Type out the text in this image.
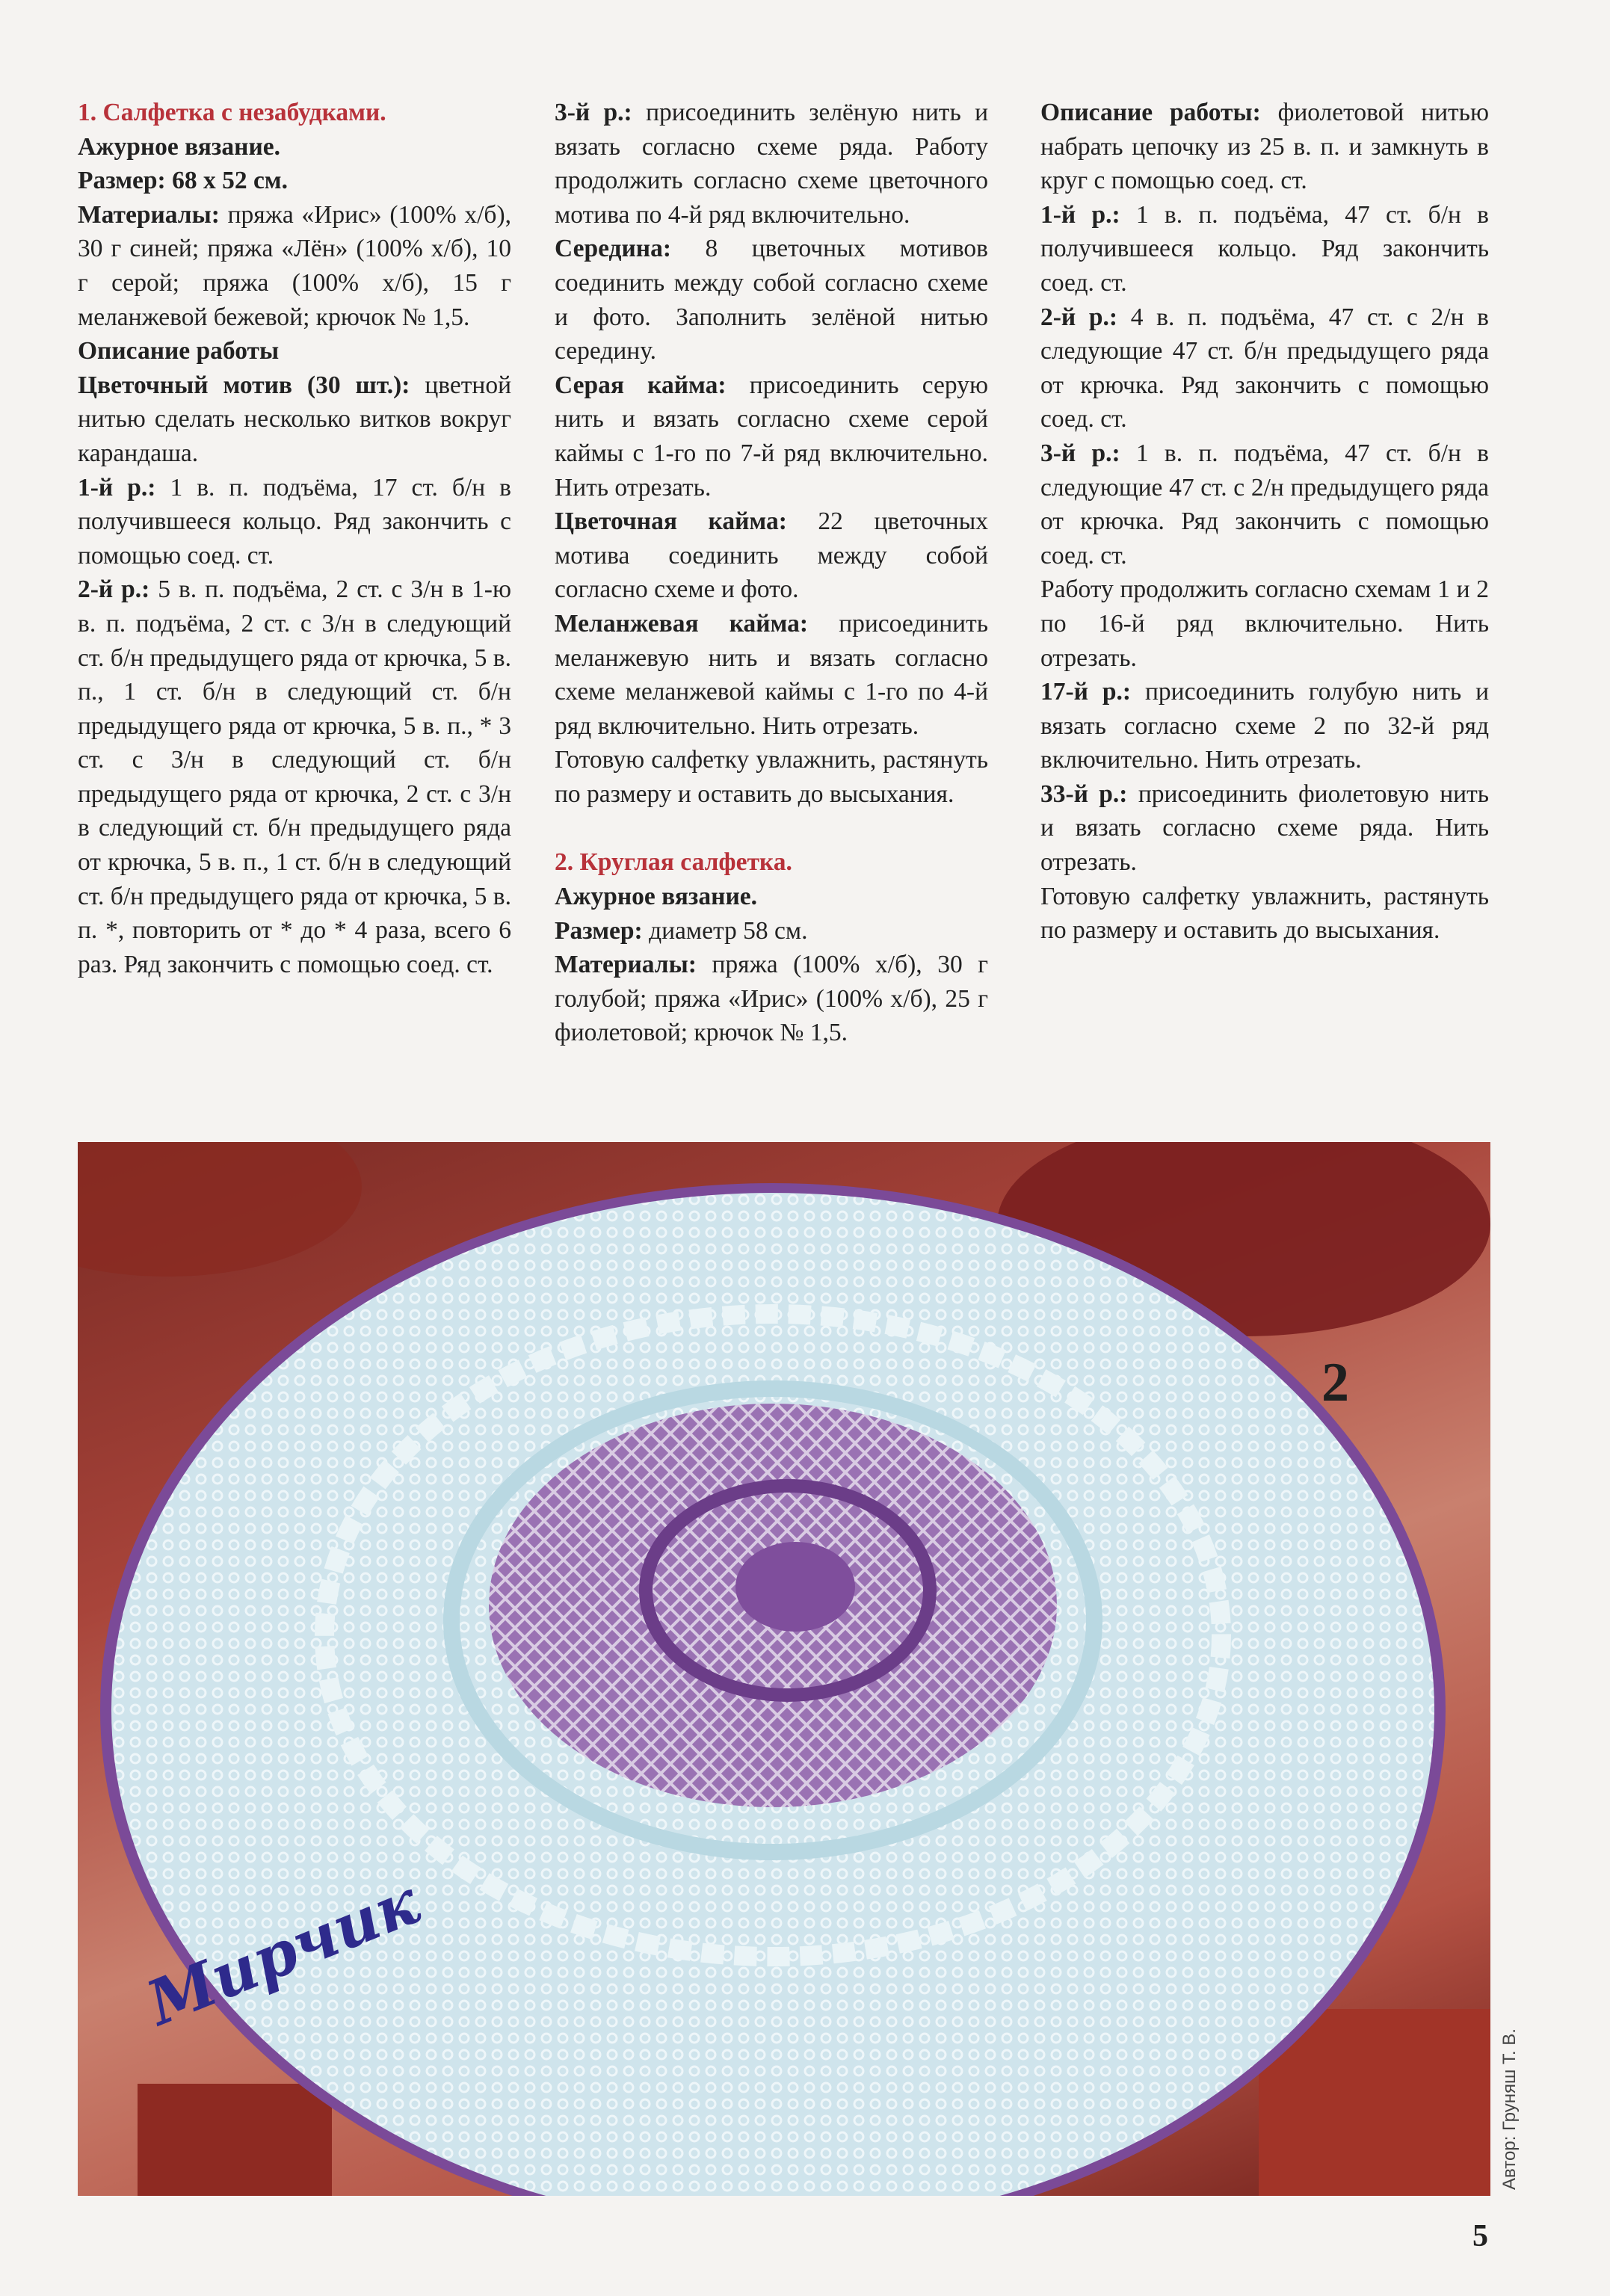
1. Салфетка с незабудками.

Ажурное вязание.

Размер: 68 х 52 см.

Материалы: пряжа «Ирис» (100% х/б), 30 г синей; пряжа «Лён» (100% х/б), 10 г серой; пряжа (100% х/б), 15 г меланжевой бежевой; крючок № 1,5.

Описание работы

Цветочный мотив (30 шт.): цветной нитью сделать несколько витков вокруг карандаша.

1-й р.: 1 в. п. подъёма, 17 ст. б/н в получившееся кольцо. Ряд закончить с помощью соед. ст.

2-й р.: 5 в. п. подъёма, 2 ст. с 3/н в 1-ю в. п. подъёма, 2 ст. с 3/н в следующий ст. б/н предыдущего ряда от крючка, 5 в. п., 1 ст. б/н в следующий ст. б/н предыдущего ряда от крючка, 5 в. п., * 3 ст. с 3/н в следующий ст. б/н предыдущего ряда от крючка, 2 ст. с 3/н в следующий ст. б/н предыдущего ряда от крючка, 5 в. п., 1 ст. б/н в следующий ст. б/н предыдущего ряда от крючка, 5 в. п. *, повторить от * до * 4 раза, всего 6 раз. Ряд закончить с помощью соед. ст.

3-й р.: присоединить зелёную нить и вязать согласно схеме ряда. Работу продолжить согласно схеме цветочного мотива по 4-й ряд включительно.

Середина: 8 цветочных мотивов соединить между собой согласно схеме и фото. Заполнить зелёной нитью середину.

Серая кайма: присоединить серую нить и вязать согласно схеме серой каймы с 1-го по 7-й ряд включительно. Нить отрезать.

Цветочная кайма: 22 цветочных мотива соединить между собой согласно схеме и фото.

Меланжевая кайма: присоединить меланжевую нить и вязать согласно схеме меланжевой каймы с 1-го по 4-й ряд включительно. Нить отрезать.

Готовую салфетку увлажнить, растянуть по размеру и оставить до высыхания.

2. Круглая салфетка.

Ажурное вязание.

Размер: диаметр 58 см.

Материалы: пряжа (100% х/б), 30 г голубой; пряжа «Ирис» (100% х/б), 25 г фиолетовой; крючок № 1,5.

Описание работы: фиолетовой нитью набрать цепочку из 25 в. п. и замкнуть в круг с помощью соед. ст.

1-й р.: 1 в. п. подъёма, 47 ст. б/н в получившееся кольцо. Ряд закончить соед. ст.

2-й р.: 4 в. п. подъёма, 47 ст. с 2/н в следующие 47 ст. б/н предыдущего ряда от крючка. Ряд закончить с помощью соед. ст.

3-й р.: 1 в. п. подъёма, 47 ст. б/н в следующие 47 ст. с 2/н предыдущего ряда от крючка. Ряд закончить с помощью соед. ст.

Работу продолжить согласно схемам 1 и 2 по 16-й ряд включительно. Нить отрезать.

17-й р.: присоединить голубую нить и вязать согласно схеме 2 по 32-й ряд включительно. Нить отрезать.

33-й р.: присоединить фиолетовую нить и вязать согласно схеме ряда. Нить отрезать.

Готовую салфетку увлажнить, растянуть по размеру и оставить до высыхания.

2
Мирчик
Автор: Груняш Т. В.
5
